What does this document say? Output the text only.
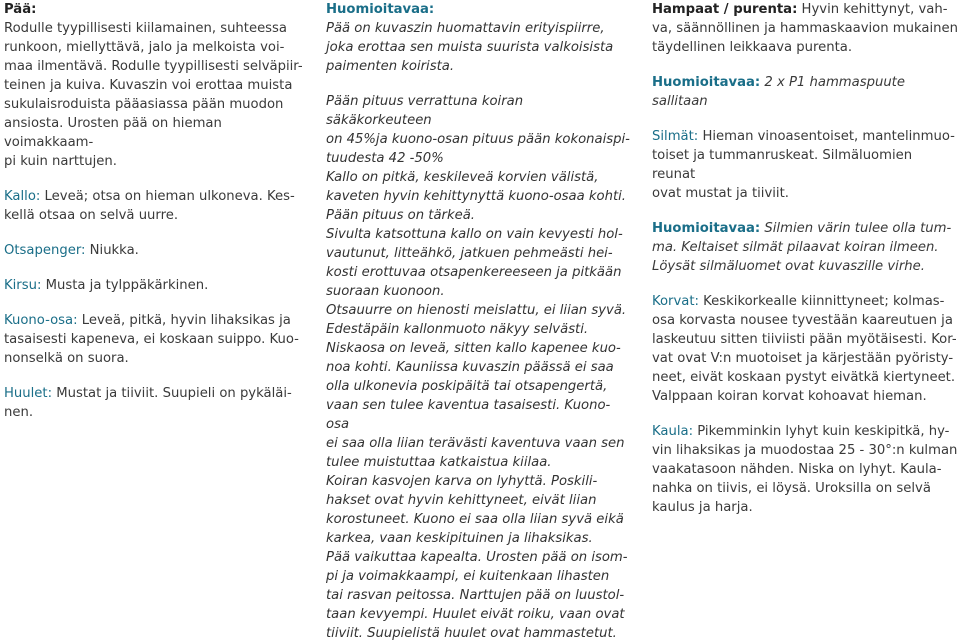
Pää:

Rodulle tyypillisesti kiilamainen, suhteessa
runkoon, miellyttävä, jalo ja melkoista voi-
maa ilmentävä. Rodulle tyypillisesti selväpiir-
teinen ja kuiva. Kuvaszin voi erottaa muista
sukulaisroduista pääasiassa pään muodon
ansiosta. Urosten pää on hieman voimakkaam-
pi kuin narttujen.

Kallo: Leveä; otsa on hieman ulkoneva. Kes-
kellä otsaa on selvä uurre.

Otsapenger: Niukka.

Kirsu: Musta ja tylppäkärkinen.

Kuono-osa: Leveä, pitkä, hyvin lihaksikas ja
tasaisesti kapeneva, ei koskaan suippo. Kuo-
nonselkä on suora.

Huulet: Mustat ja tiiviit. Suupieli on pykäläi-
nen.

Huomioitavaa:

Pää on kuvaszin huomattavin erityispiirre,
joka erottaa sen muista suurista valkoisista
paimenten koirista.

Pään pituus verrattuna koiran säkäkorkeuteen
on 45%ja kuono-osan pituus pään kokonaispi-
tuudesta 42 -50%
Kallo on pitkä, keskileveä korvien välistä,
kaveten hyvin kehittynyttä kuono-osaa kohti.
Pään pituus on tärkeä.
Sivulta katsottuna kallo on vain kevyesti hol-
vautunut, litteähkö, jatkuen pehmeästi hei-
kosti erottuvaa otsapenkereeseen ja pitkään
suoraan kuonoon.
Otsauurre on hienosti meislattu, ei liian syvä.
Edestäpäin kallonmuoto näkyy selvästi.
Niskaosa on leveä, sitten kallo kapenee kuo-
noa kohti. Kauniissa kuvaszin päässä ei saa
olla ulkonevia poskipäitä tai otsapengertä,
vaan sen tulee kaventua tasaisesti. Kuono-osa
ei saa olla liian terävästi kaventuva vaan sen
tulee muistuttaa katkaistua kiilaa.
Koiran kasvojen karva on lyhyttä. Poskili-
hakset ovat hyvin kehittyneet, eivät liian
korostuneet. Kuono ei saa olla liian syvä eikä
karkea, vaan keskipituinen ja lihaksikas.
Pää vaikuttaa kapealta. Urosten pää on isom-
pi ja voimakkaampi, ei kuitenkaan lihasten
tai rasvan peitossa. Narttujen pää on luustol-
taan kevyempi. Huulet eivät roiku, vaan ovat
tiiviit. Suupielistä huulet ovat hammastetut.

Hampaat / purenta: Hyvin kehittynyt, vah-
va, säännöllinen ja hammaskaavion mukainen
täydellinen leikkaava purenta.

Huomioitavaa: 2 x P1 hammaspuute sallitaan

Silmät: Hieman vinoasentoiset, mantelinmuo-
toiset ja tummanruskeat. Silmäluomien reunat
ovat mustat ja tiiviit.

Huomioitavaa: Silmien värin tulee olla tum-
ma. Keltaiset silmät pilaavat koiran ilmeen.
Löysät silmäluomet ovat kuvaszille virhe.

Korvat: Keskikorkealle kiinnittyneet; kolmas-
osa korvasta nousee tyvestään kaareutuen ja
laskeutuu sitten tiiviisti pään myötäisesti. Kor-
vat ovat V:n muotoiset ja kärjestään pyöristy-
neet, eivät koskaan pystyt eivätkä kiertyneet.
Valppaan koiran korvat kohoavat hieman.

Kaula: Pikemminkin lyhyt kuin keskipitkä, hy-
vin lihaksikas ja muodostaa 25 - 30°:n kulman
vaakatasoon nähden. Niska on lyhyt. Kaula-
nahka on tiivis, ei löysä. Uroksilla on selvä
kaulus ja harja.
